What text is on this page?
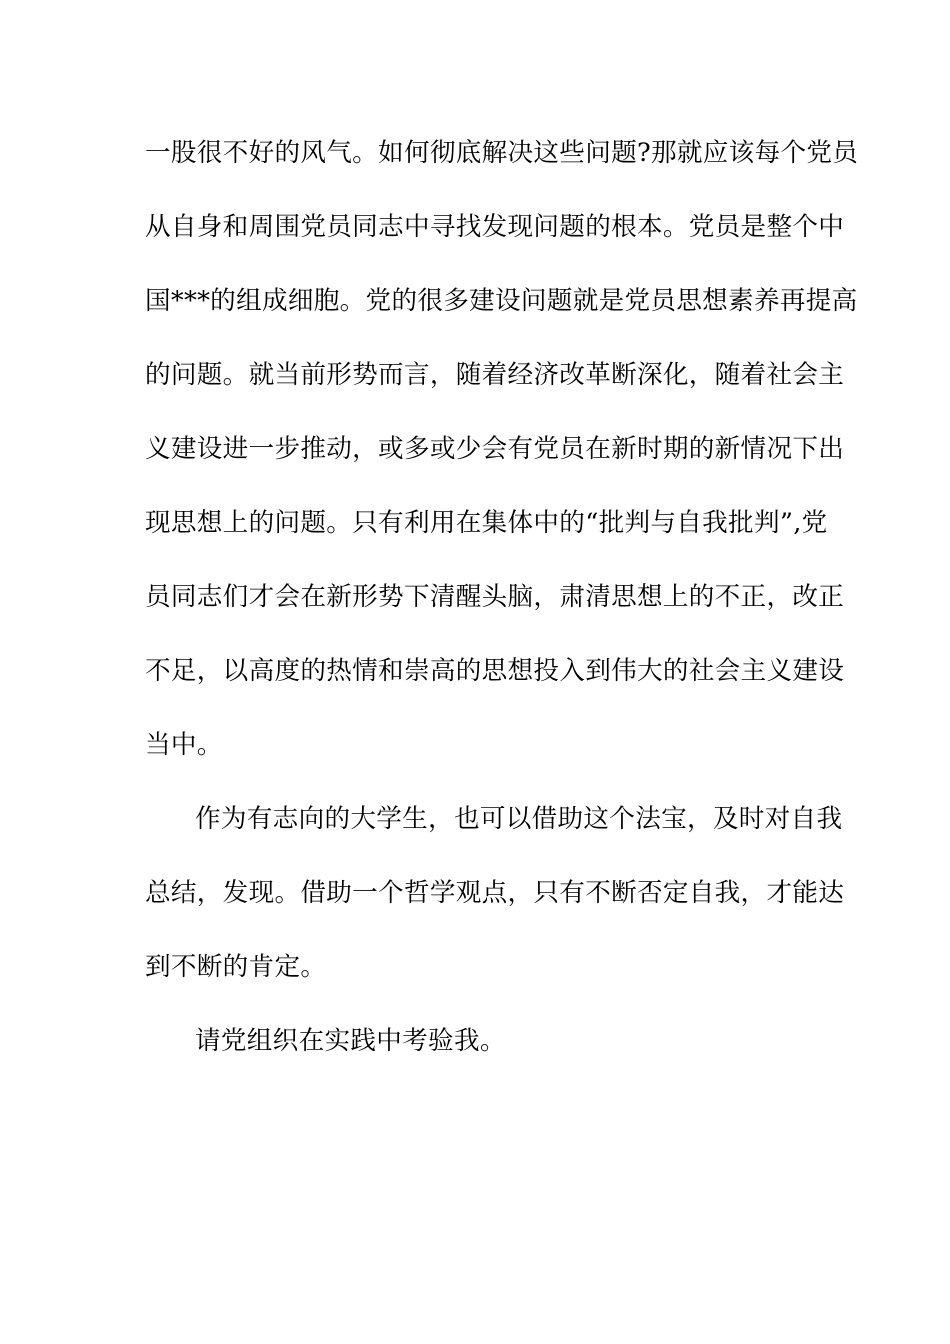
一股很不好的风气。如何彻底解决这些问题?那就应该每个党员
从自身和周围党员同志中寻找发现问题的根本。党员是整个中
国***的组成细胞。党的很多建设问题就是党员思想素养再提高
的问题。就当前形势而言，随着经济改革断深化，随着社会主
义建设进一步推动，或多或少会有党员在新时期的新情况下出
现思想上的问题。只有利用在集体中的“批判与自我批判”,党
员同志们才会在新形势下清醒头脑，肃清思想上的不正，改正
不足，以高度的热情和崇高的思想投入到伟大的社会主义建设
当中。
作为有志向的大学生，也可以借助这个法宝，及时对自我
总结，发现。借助一个哲学观点，只有不断否定自我，才能达
到不断的肯定。
请党组织在实践中考验我。
